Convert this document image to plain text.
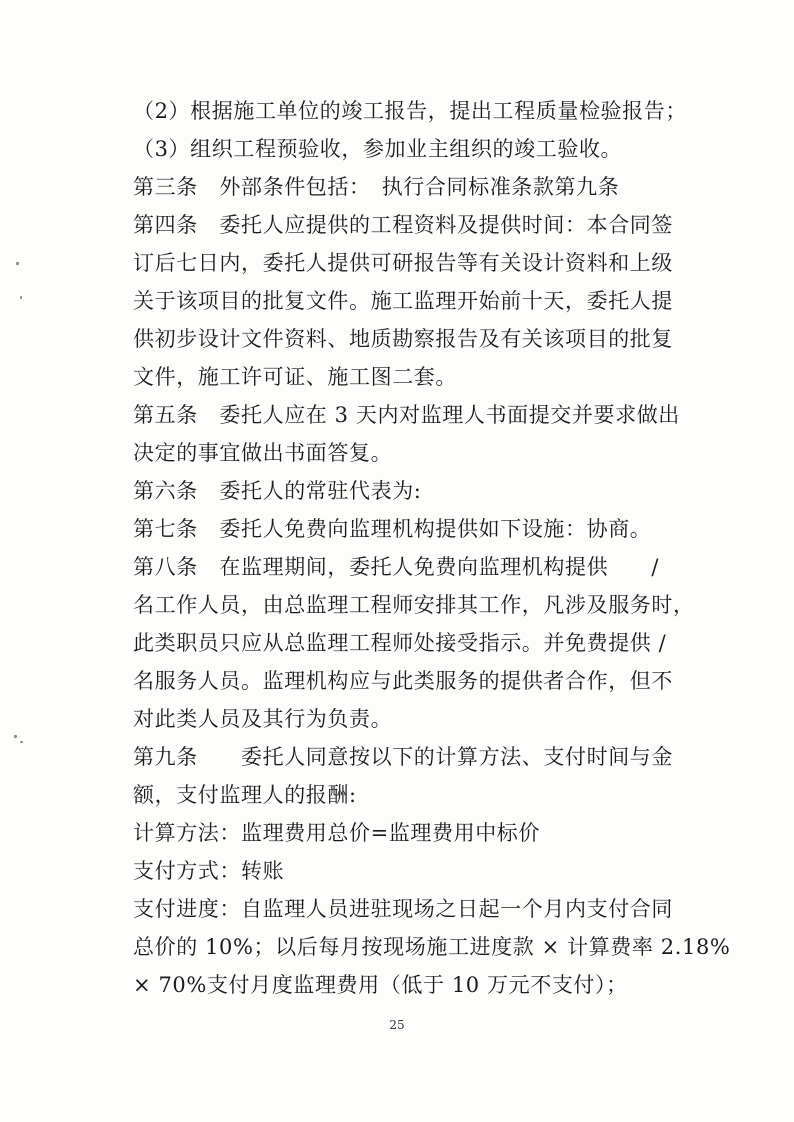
（2）根据施工单位的竣工报告，提出工程质量检验报告；
（3）组织工程预验收，参加业主组织的竣工验收。
第三条　外部条件包括：　执行合同标准条款第九条
第四条　委托人应提供的工程资料及提供时间：本合同签
订后七日内，委托人提供可研报告等有关设计资料和上级
关于该项目的批复文件。施工监理开始前十天，委托人提
供初步设计文件资料、地质勘察报告及有关该项目的批复
文件，施工许可证、施工图二套。
第五条　委托人应在 3 天内对监理人书面提交并要求做出
决定的事宜做出书面答复。
第六条　委托人的常驻代表为:
第七条　委托人免费向监理机构提供如下设施：协商。
第八条　在监理期间，委托人免费向监理机构提供　　/
名工作人员，由总监理工程师安排其工作，凡涉及服务时，
此类职员只应从总监理工程师处接受指示。并免费提供 /
名服务人员。监理机构应与此类服务的提供者合作，但不
对此类人员及其行为负责。
第九条　　委托人同意按以下的计算方法、支付时间与金
额，支付监理人的报酬:
计算方法：监理费用总价=监理费用中标价
支付方式：转账
支付进度：自监理人员进驻现场之日起一个月内支付合同
总价的 10%；以后每月按现场施工进度款 × 计算费率 2.18%
× 70%支付月度监理费用（低于 10 万元不支付）；
25
